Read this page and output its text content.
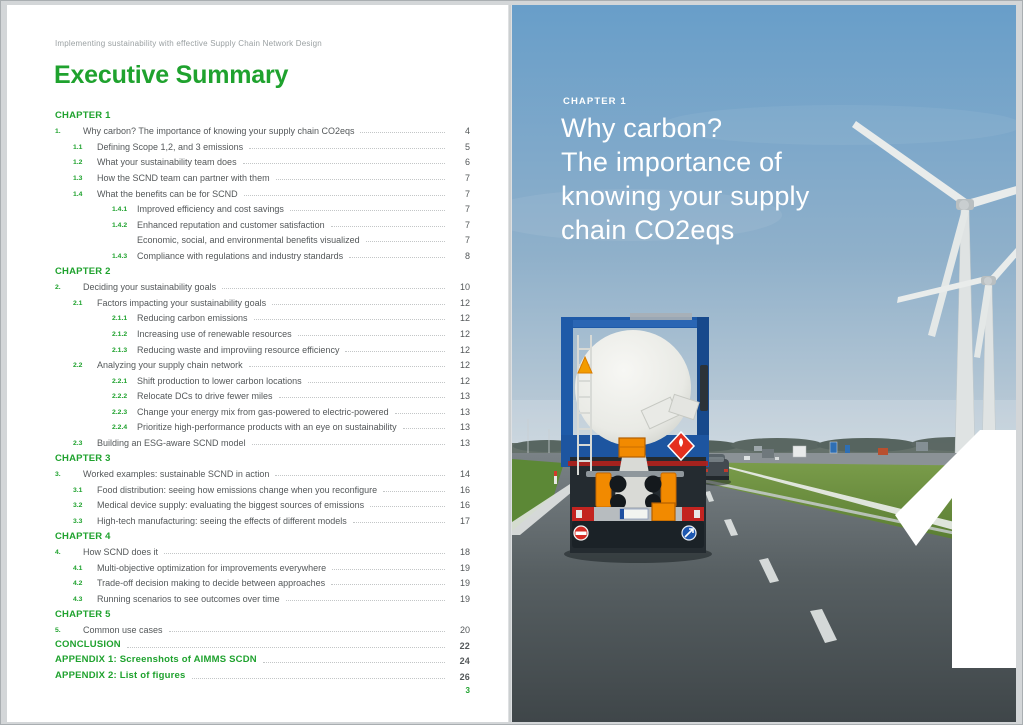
Implementing sustainability with effective Supply Chain Network Design
Executive Summary
CHAPTER 1
1.	Why carbon? The importance of knowing your supply chain CO2eqs	4
1.1	Defining Scope 1,2, and 3 emissions	5
1.2	What your sustainability team does	6
1.3	How the SCND team can partner with them	7
1.4	What the benefits can be for SCND	7
1.4.1	Improved efficiency and cost savings	7
1.4.2	Enhanced reputation and customer satisfaction	7
Economic, social, and environmental benefits visualized	7
1.4.3	Compliance with regulations and industry standards	8
CHAPTER 2
2.	Deciding your sustainability goals	10
2.1	Factors impacting your sustainability goals	12
2.1.1	Reducing carbon emissions	12
2.1.2	Increasing use of renewable resources	12
2.1.3	Reducing waste and improviing resource efficiency	12
2.2	Analyzing your supply chain network	12
2.2.1	Shift production to lower carbon locations	12
2.2.2	Relocate DCs to drive fewer miles	13
2.2.3	Change your energy mix from gas-powered to electric-powered	13
2.2.4	Prioritize high-performance products with an eye on sustainability	13
2.3	Building an ESG-aware SCND model	13
CHAPTER 3
3.	Worked examples: sustainable SCND in action	14
3.1	Food distribution: seeing how emissions change when you reconfigure	16
3.2	Medical device supply: evaluating the biggest sources of emissions	16
3.3	High-tech manufacturing: seeing the effects of different models	17
CHAPTER 4
4.	How SCND does it	18
4.1	Multi-objective optimization for improvements everywhere	19
4.2	Trade-off decision making to decide between approaches	19
4.3	Running scenarios to see outcomes over time	19
CHAPTER 5
5.	Common use cases	20
CONCLUSION	22
APPENDIX 1: Screenshots of AIMMS SCDN	24
APPENDIX 2: List of figures	26
3
CHAPTER 1
Why carbon?
The importance of
knowing your supply
chain CO2eqs
